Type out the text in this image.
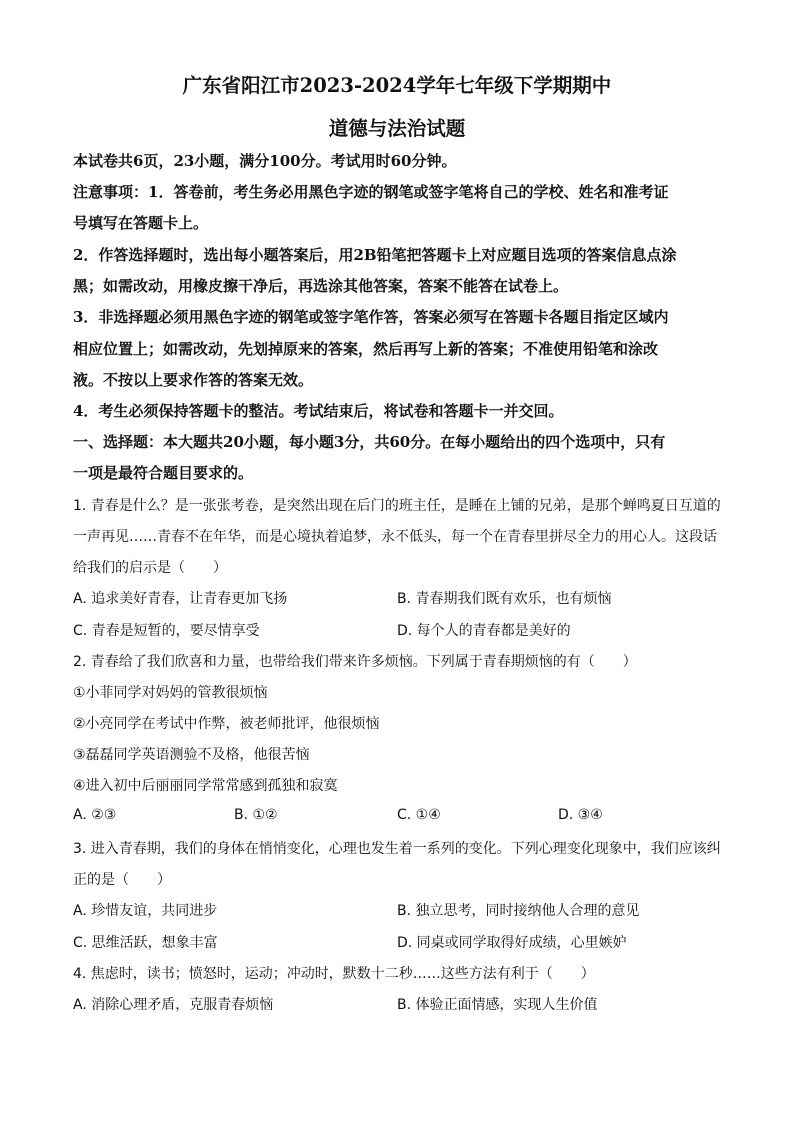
广东省阳江市2023-2024学年七年级下学期期中
道德与法治试题
本试卷共6页，23小题，满分100分。考试用时60分钟。
注意事项：1．答卷前，考生务必用黑色字迹的钢笔或签字笔将自己的学校、姓名和准考证
号填写在答题卡上。
2．作答选择题时，选出每小题答案后，用2B铅笔把答题卡上对应题目选项的答案信息点涂
黑；如需改动，用橡皮擦干净后，再选涂其他答案，答案不能答在试卷上。
3．非选择题必须用黑色字迹的钢笔或签字笔作答，答案必须写在答题卡各题目指定区域内
相应位置上；如需改动，先划掉原来的答案，然后再写上新的答案；不准使用铅笔和涂改
液。不按以上要求作答的答案无效。
4．考生必须保持答题卡的整洁。考试结束后，将试卷和答题卡一并交回。
一、选择题：本大题共20小题，每小题3分，共60分。在每小题给出的四个选项中，只有
一项是最符合题目要求的。
1. 青春是什么？是一张张考卷，是突然出现在后门的班主任，是睡在上铺的兄弟，是那个蝉鸣夏日互道的
一声再见……青春不在年华，而是心境执着追梦，永不低头，每一个在青春里拼尽全力的用心人。这段话
给我们的启示是（　　）
A. 追求美好青春，让青春更加飞扬	B. 青春期我们既有欢乐，也有烦恼
C. 青春是短暂的，要尽情享受	D. 每个人的青春都是美好的
2. 青春给了我们欣喜和力量，也带给我们带来许多烦恼。下列属于青春期烦恼的有（　　）
①小菲同学对妈妈的管教很烦恼
②小亮同学在考试中作弊，被老师批评，他很烦恼
③磊磊同学英语测验不及格，他很苦恼
④进入初中后丽丽同学常常感到孤独和寂寞
A. ②③	B. ①②	C. ①④	D. ③④
3. 进入青春期，我们的身体在悄悄变化，心理也发生着一系列的变化。下列心理变化现象中，我们应该纠
正的是（　　）
A. 珍惜友谊，共同进步	B. 独立思考，同时接纳他人合理的意见
C. 思维活跃，想象丰富	D. 同桌或同学取得好成绩，心里嫉妒
4. 焦虑时，读书；愤怒时，运动；冲动时，默数十二秒……这些方法有利于（　　）
A. 消除心理矛盾，克服青春烦恼	B. 体验正面情感，实现人生价值
